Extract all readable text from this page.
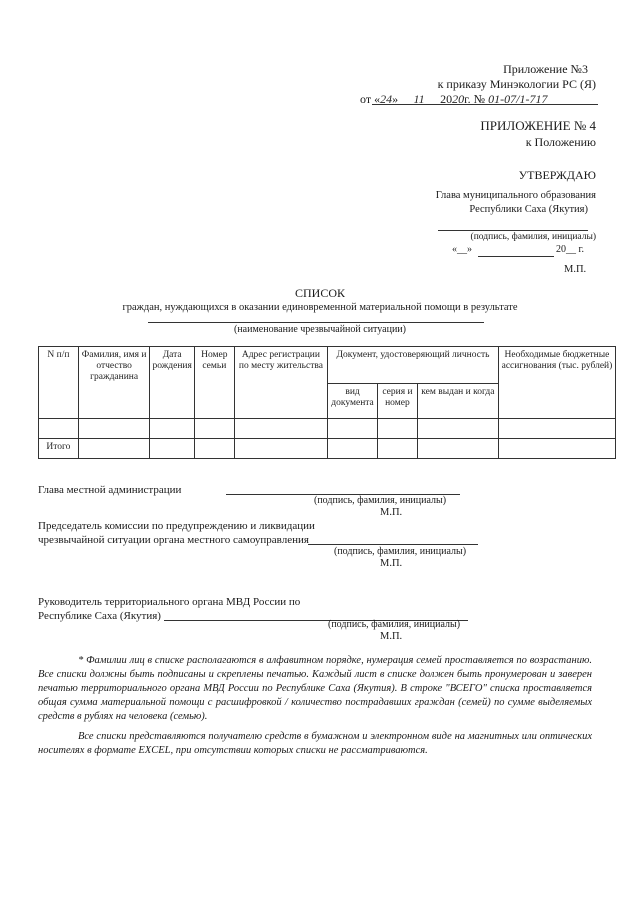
Приложение №3
к приказу Минэкологии РС (Я)
от «24» 11 2020г. № 01-07/1-717
ПРИЛОЖЕНИЕ № 4
к Положению
УТВЕРЖДАЮ
Глава муниципального образования
Республики Саха (Якутия)
(подпись, фамилия, инициалы)
«__»	20__ г.
М.П.
СПИСОК
граждан, нуждающихся в оказании единовременной материальной помощи в результате
(наименование чрезвычайной ситуации)
N п/п	Фамилия, имя и отчество гражданина	Дата рождения	Номер семьи	Адрес регистрации по месту жительства	Документ, удостоверяющий личность			Необходимые бюджетные ассигнования (тыс. рублей)
					вид документа	серия и номер	кем выдан и когда	

Итого								
Глава местной администрации
(подпись, фамилия, инициалы)
М.П.
Председатель комиссии по предупреждению и ликвидации
чрезвычайной ситуации органа местного самоуправления
(подпись, фамилия, инициалы)
М.П.
Руководитель территориального органа МВД России по
Республике Саха (Якутия)
(подпись, фамилия, инициалы)
М.П.

* Фамилии лиц в списке располагаются в алфавитном порядке, нумерация семей проставляется по возрастанию. Все списки должны быть подписаны и скреплены печатью. Каждый лист в списке должен быть пронумерован и заверен печатью территориального органа МВД России по Республике Саха (Якутия). В строке "ВСЕГО" списка проставляется общая сумма материальной помощи с расшифровкой / количество пострадавших граждан (семей) по сумме выделяемых средств в рублях на человека (семью).

Все списки представляются получателю средств в бумажном и электронном виде на магнитных или оптических носителях в формате EXCEL, при отсутствии которых списки не рассматриваются.
